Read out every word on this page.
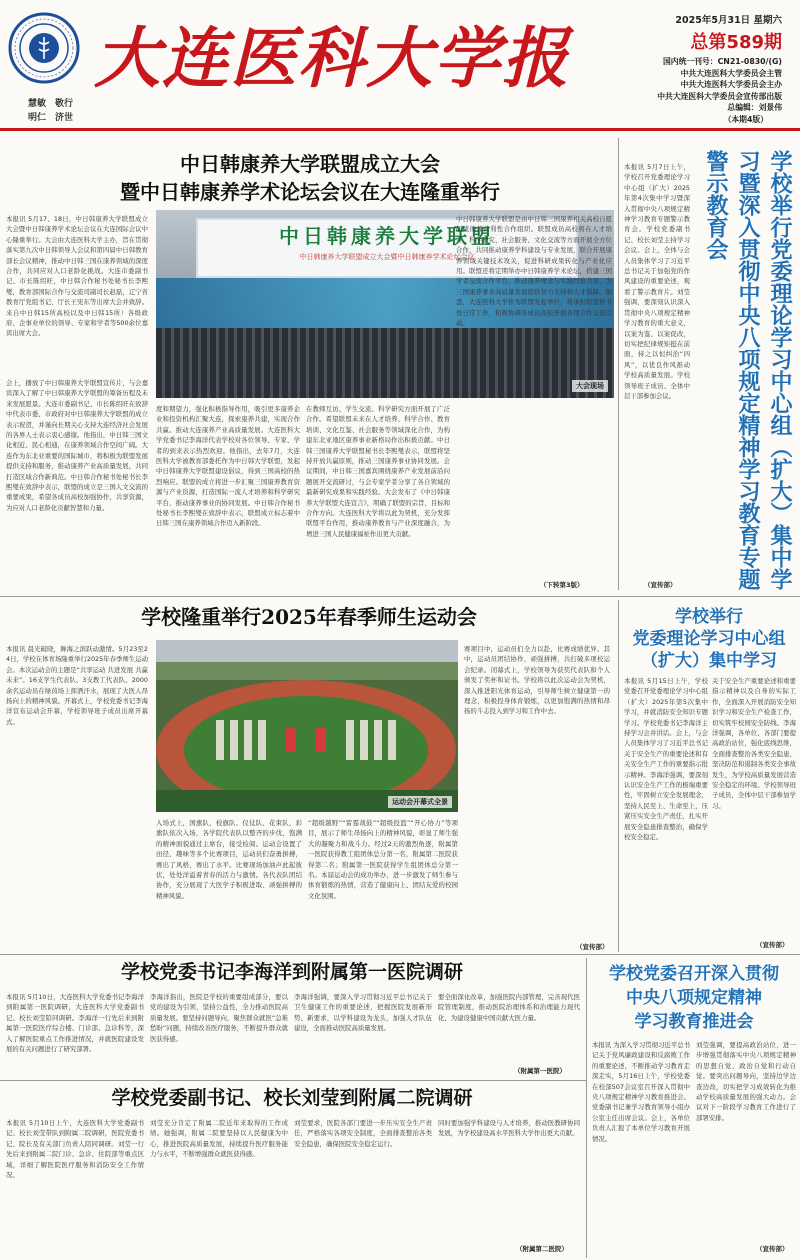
慧敏　敬行
明仁　济世
大连医科大学报	2025年5月31日 星期六
总第589期
国内统一刊号：CN21-0830/(G)
中共大连医科大学委员会主管
中共大连医科大学委员会主办
中共大连医科大学委员会宣传部出版
总编辑：刘景伟
（本期4版）
中日韩康养大学联盟成立大会
暨中日韩康养学术论坛会议在大连隆重举行
本报讯 5月17、18日，中日韩康养大学联盟成立大会暨中日韩康养学术论坛会议在大连国际会议中心隆重举行。大会由大连医科大学主办，旨在贯彻落实第九次中日韩领导人会议和第四届中日韩教育部长会议精神，推动中日韩三国在康养领域的深度合作，共同应对人口老龄化挑战。大连市委副书记、市长陈绍旺，中日韩合作秘书处秘书长李熙燮，教育部国际合作与交流司副司长赵磊，辽宁省教育厅党组书记、厅长王宪东等出席大会并致辞。来自中日韩15所高校以及中日韩15所）各级政府、企事业单位的领导、专家和学者等500余位嘉宾出席大会。
中日韩康养大学联盟
中日韩康养大学联盟成立大会暨中日韩康养学术论坛会议
大会现场
会上，播放了中日韩康养大学联盟宣传片，与会嘉宾深入了解了中日韩康养大学联盟的筹备历程及未来发展愿景。大连市委副书记、市长陈绍旺在致辞中代表市委、市政府对中日韩康养大学联盟的成立表示祝贺，并谨向长期关心支持大连经济社会发展的各界人士表示衷心感谢。他指出，中日韩三国文化相近、民心相通，在康养领域合作空间广阔。大连作为东北亚重要的国际城市，将积极为联盟发展提供支持和服务，推动康养产业高质量发展，共同打造区域合作新典范。中日韩合作秘书处秘书长李熙燮在致辞中表示，联盟的成立是三国人文交流的重要成果，希望各成员高校加强协作，共享资源，为应对人口老龄化贡献智慧和力量。
度和期望力，强化积极指导作用，吸引更多康养企业和投资机构汇聚大连，探索康养共建，实现合作共赢。推动大连康养产业高质量发展。大连医科大学党委书记李海洋代表学校对各位领导、专家、学者的到来表示热烈欢迎。他指出，去年7月，大连医科大学被教育部委托作为中日韩大学联盟，发起中日韩康养大学联盟建设倡议，得到三国高校的热烈响应。联盟的成立将进一步汇聚三国康养教育资源与产业资源，打造国际一流人才培养和科学研究平台，推动康养事业的协同发展。中日韩合作秘书处秘书长李熙燮在致辞中表示，联盟成立标志着中日韩三国在康养领域合作迈入新阶段。
在教师互访、学生交流、科学研究方面开展了广泛合作。希望联盟未来在人才培养、科学合作、教育培训、文化互鉴、社会服务等领域深化合作，为构建东北亚地区康养事业新格局作出积极贡献。中日韩三国康养大学联盟秘书长李熙燮表示，联盟将坚持开放共赢原则，推动三国康养事业协同发展。会议期间，中日韩三国嘉宾围绕康养产业发展前沿问题展开交流研讨，与会专家学者分享了各自领域的最新研究成果和实践经验。大会发布了《中日韩康养大学联盟大连宣言》，明确了联盟的宗旨、目标和合作方向。大连医科大学将以此为契机，充分发挥联盟平台作用，推动康养教育与产业深度融合，为增进三国人民健康福祉作出更大贡献。
中日韩康养大学联盟是由中日韩三国康养相关高校自愿组成的非营利性合作组织。联盟成员高校将在人才培养、科学研究、社会服务、文化交流等方面开展全方位合作，共同推动康养学科建设与专业发展，联合开展康养领域关键技术攻关，促进科研成果转化与产业化应用。联盟还将定期举办中日韩康养学术论坛，搭建三国学者交流合作平台，推动康养理念与实践经验共享，为三国康养事业高质量发展提供智力支持和人才保障。据悉，大连医科大学作为联盟发起单位，将承担联盟秘书处日常工作，积极协调各成员高校开展各项合作交流活动。
（下转第3版）
本报讯 5月7日上午，学校召开党委理论学习中心组（扩大）2025年第4次集中学习暨深入贯彻中央八项规定精神学习教育专题警示教育会。学校党委副书记、校长刘莹主持学习会议。会上，全体与会人员集体学习了习近平总书记关于加强党的作风建设的重要论述，观看了警示教育片。刘莹强调，要深刻认识深入贯彻中央八项规定精神学习教育的重大意义，以案为鉴、以案促改，切实把纪律规矩挺在前面，持之以恒纠治“四风”，以优良作风推动学校高质量发展。学校领导班子成员、全体中层干部参加会议。	学校举行党委理论学习中心组（扩大）集中学习暨深入贯彻中央八项规定精神学习教育专题警示教育会
（宣传部）
学校隆重举行2025年春季师生运动会
运动会开幕式全景
本报讯 晨光破晓，舞海之滨跃动激情。5月23至24日，学校在体育场隆重举行2025年春季师生运动会。本次运动会的主题是“共享运动 共进发展 共赢未来”。16支学生代表队、3支教工代表队、2000余名运动员在绿茵场上挥洒汗水，展现了大医人昂扬向上的精神风貌。开幕式上，学校党委书记李海洋宣布运动会开幕，学校领导班子成员出席开幕式。
入场式上，国旗队、校旗队、仪仗队、花束队，彩旗队依次入场，各学院代表队以整齐的步伐、饱满的精神面貌通过主席台，接受检阅。运动会设置了田径、趣味等多个比赛项目，运动员们奋勇拼搏，赛出了风格，赛出了水平。比赛现场加油声此起彼伏，处处洋溢着青春的活力与激情。各代表队团结协作，充分展现了大医学子积极进取、顽强拼搏的精神风貌。
“超级越野”“雷霆战鼓”“超级投篮”“开心协力”等项目，展示了师生昂扬向上的精神风貌，彰显了师生强大的凝聚力和战斗力。经过2天的激烈角逐，附属第一医院获得教工组团体总分第一名，附属第二医院获得第二名；附属第一医院获得学生组团体总分第一名。本届运动会的成功举办，进一步激发了师生参与体育锻炼的热情，营造了健康向上、团结友爱的校园文化氛围。
赛项目中，运动员们全力以赴，比赛成绩优异。其中，运动员团结协作，顽强拼搏，共打破多项校运会纪录。闭幕式上，学校领导为获奖代表队和个人颁发了奖杯和证书。学校将以此次运动会为契机，深入推进阳光体育运动，引导师生树立健康第一的理念，积极投身体育锻炼，以更加饱满的热情和昂扬的斗志投入到学习和工作中去。
（宣传部）
学校举行
党委理论学习中心组
（扩大）集中学习
本报讯 5月15日上午，学校党委召开党委理论学习中心组（扩大）2025年第5次集中学习，并就消防安全知识专题学习。学校党委书记李海洋主持学习会并讲话。会上，与会人员集体学习了习近平总书记关于安全生产的重要论述和有关安全生产工作的重要指示批示精神。李海洋强调，要深刻认识安全生产工作的极端重要性，牢固树立安全发展理念，坚持人民至上、生命至上，压紧压实安全生产责任，扎实开展安全隐患排查整治，确保学校安全稳定。
关于安全生产重要论述和重要指示精神以及自身的实际工作，全面深入开展消防安全知识学习和安全生产检查工作，切实筑牢校园安全防线。李海洋强调，各单位、各部门要提高政治站位，强化底线思维，全面排查整治各类安全隐患，坚决防范和遏制各类安全事故发生，为学校高质量发展营造安全稳定的环境。学校领导班子成员，全体中层干部参加学习。
（宣传部）
学校党委书记李海洋到附属第一医院调研
本报讯 5月10日，大连医科大学党委书记李海洋到附属第一医院调研，大连医科大学党委副书记、校长刘莹陪同调研。李海洋一行先后来到附属第一医院医疗综合楼、门诊部、急诊科等，深入了解医院重点工作推进情况，并就医院建设发展的有关问题进行了研究部署。
李海洋指出，医院是学校的重要组成部分，要以党的建设为引领，坚持公益性，全力推动医院高质量发展。要坚持问题导向，聚焦群众就医“急难愁盼”问题，持续改善医疗服务，不断提升群众就医获得感。
李海洋强调，要深入学习贯彻习近平总书记关于卫生健康工作的重要论述，把握医院发展新形势、新要求，以学科建设为龙头，加强人才队伍建设，全面推动医院高质量发展。
要全面深化改革，加强医院内部管理，完善现代医院管理制度，推动医院治理体系和治理能力现代化，为建设健康中国贡献大医力量。
（附属第一医院）
学校党委副书记、校长刘莹到附属二院调研
本报讯 5月10日上午，大连医科大学党委副书记、校长刘莹带队到附属二院调研，医院党委书记、院长及有关部门负责人陪同调研。刘莹一行先后来到附属二院门诊、急诊、住院部等重点区域，详细了解医院医疗服务和消防安全工作情况。
刘莹充分肯定了附属二院近年来取得的工作成绩。她强调，附属二院要坚持以人民健康为中心，推进医院高质量发展，持续提升医疗服务能力与水平，不断增强群众就医获得感。
刘莹要求，医院各部门要进一步压实安全生产责任，严格落实各项安全制度，全面排查整治各类安全隐患，确保医院安全稳定运行。
同时要加强学科建设与人才培养，推动医教研协同发展，为学校建设高水平医科大学作出更大贡献。
（附属第二医院）
学校党委召开深入贯彻
中央八项规定精神
学习教育推进会
本报讯 为深入学习贯彻习近平总书记关于党风廉政建设和反腐败工作的重要论述，不断推动学习教育走深走实，5月16日上午，学校党委在校部507会议室召开深入贯彻中央八项规定精神学习教育推进会。党委副书记兼学习教育领导小组办公室主任出席会议。会上，各单位负责人汇报了本单位学习教育开展情况。
刘莹强调，要提高政治站位，进一步增强贯彻落实中央八项规定精神的思想自觉、政治自觉和行动自觉。要突出问题导向，坚持边学边查边改，切实把学习成效转化为推动学校高质量发展的强大动力。会议对下一阶段学习教育工作进行了部署安排。
（宣传部）
